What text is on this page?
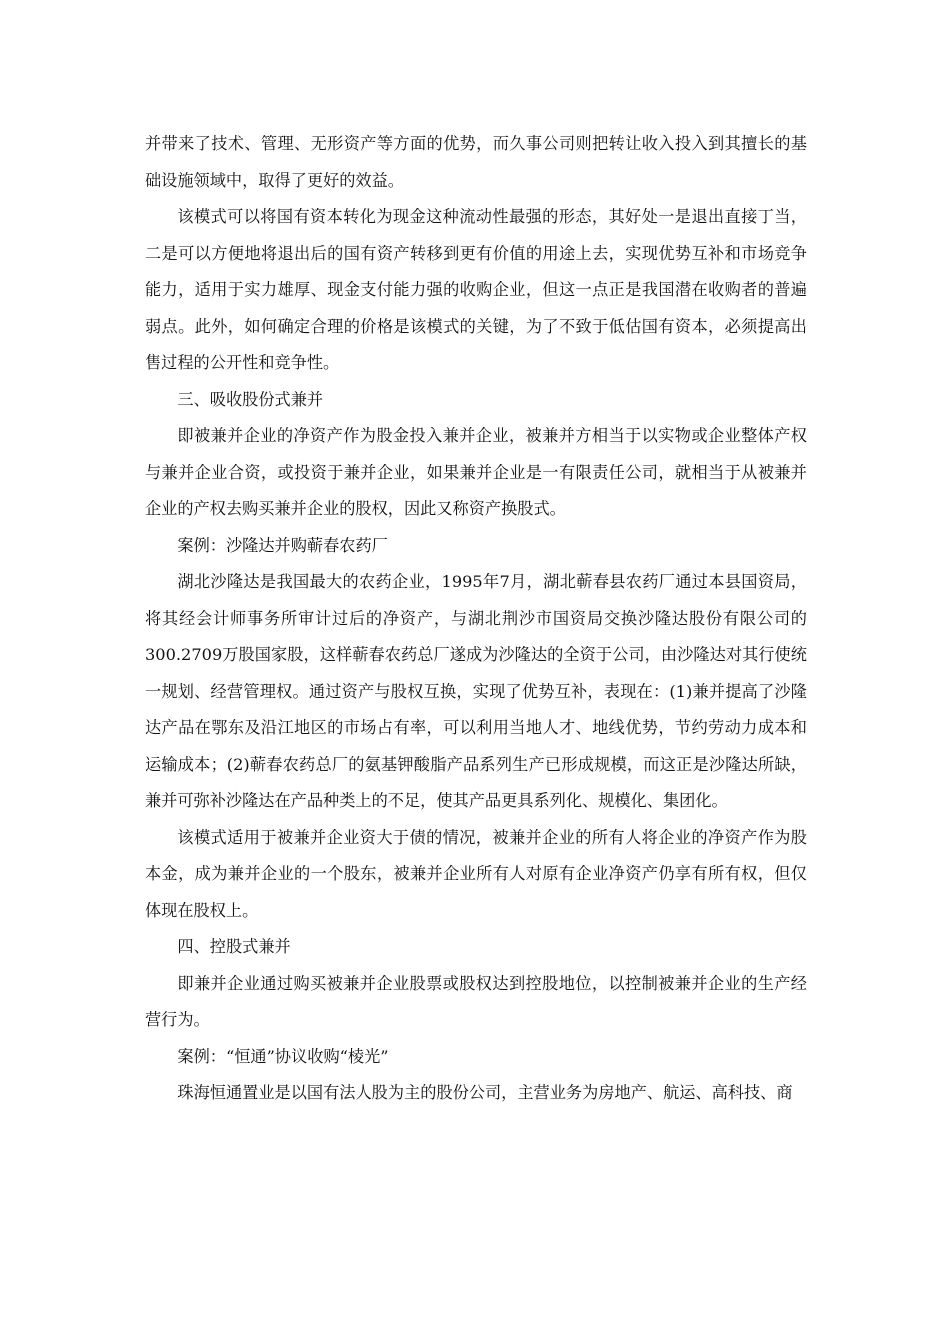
并带来了技术、管理、无形资产等方面的优势，而久事公司则把转让收入投入到其擅长的基础设施领域中，取得了更好的效益。

该模式可以将国有资本转化为现金这种流动性最强的形态，其好处一是退出直接丁当，二是可以方便地将退出后的国有资产转移到更有价值的用途上去，实现优势互补和市场竞争能力，适用于实力雄厚、现金支付能力强的收购企业，但这一点正是我国潜在收购者的普遍弱点。此外，如何确定合理的价格是该模式的关键，为了不致于低估国有资本，必须提高出售过程的公开性和竞争性。

三、吸收股份式兼并

即被兼并企业的净资产作为股金投入兼并企业，被兼并方相当于以实物或企业整体产权与兼并企业合资，或投资于兼并企业，如果兼并企业是一有限责任公司，就相当于从被兼并企业的产权去购买兼并企业的股权，因此又称资产换股式。

案例：沙隆达并购蕲春农药厂

湖北沙隆达是我国最大的农药企业，1995年7月，湖北蕲春县农药厂通过本县国资局，将其经会计师事务所审计过后的净资产，与湖北荆沙市国资局交换沙隆达股份有限公司的300.2709万股国家股，这样蕲春农药总厂遂成为沙隆达的全资于公司，由沙隆达对其行使统一规划、经营管理权。通过资产与股权互换，实现了优势互补，表现在：(1)兼并提高了沙隆达产品在鄂东及沿江地区的市场占有率，可以利用当地人才、地线优势，节约劳动力成本和运输成本；(2)蕲春农药总厂的氨基钾酸脂产品系列生产已形成规模，而这正是沙隆达所缺，兼并可弥补沙隆达在产品种类上的不足，使其产品更具系列化、规模化、集团化。

该模式适用于被兼并企业资大于债的情况，被兼并企业的所有人将企业的净资产作为股本金，成为兼并企业的一个股东，被兼并企业所有人对原有企业净资产仍享有所有权，但仅体现在股权上。

四、控股式兼并

即兼并企业通过购买被兼并企业股票或股权达到控股地位，以控制被兼并企业的生产经营行为。

案例：“恒通”协议收购“棱光”

珠海恒通置业是以国有法人股为主的股份公司，主营业务为房地产、航运、高科技、商
